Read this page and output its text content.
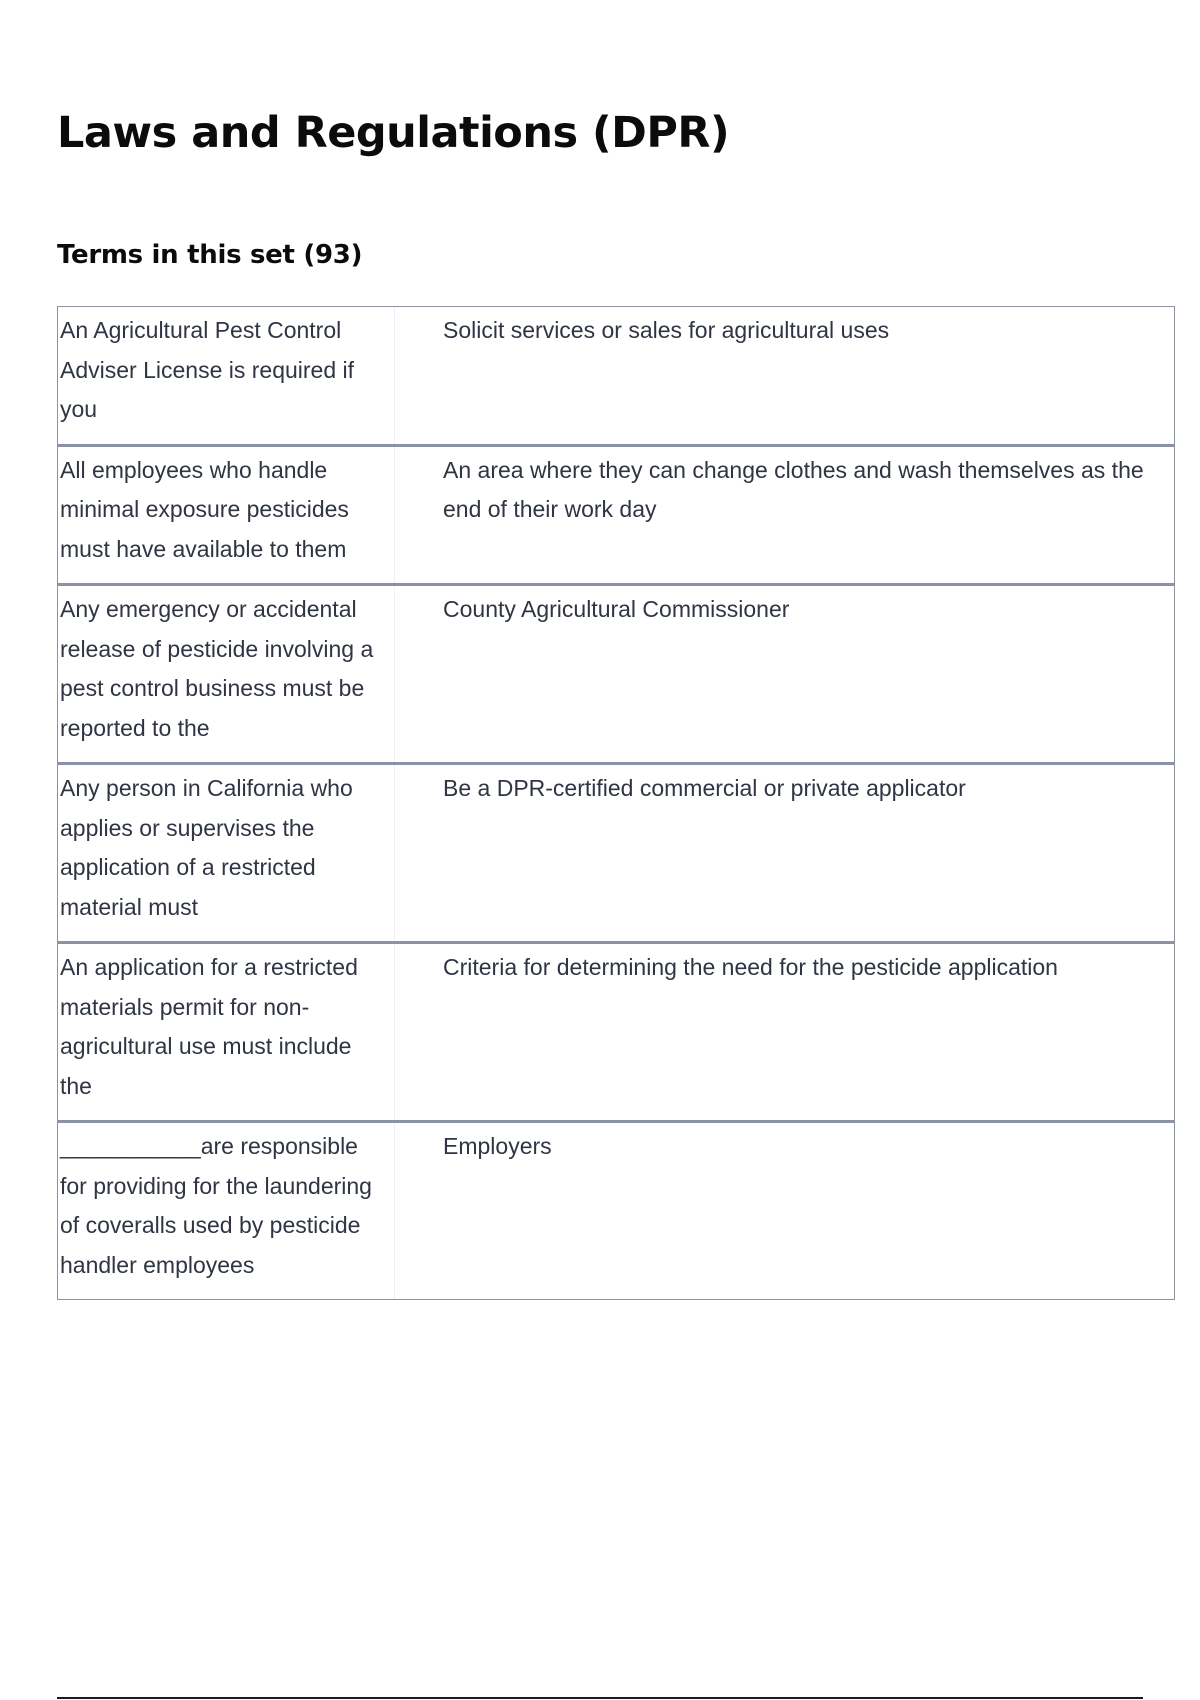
Laws and Regulations (DPR)
Terms in this set (93)
An Agricultural Pest Control Adviser License is required if you
Solicit services or sales for agricultural uses
All employees who handle minimal exposure pesticides must have available to them
An area where they can change clothes and wash themselves as the end of their work day
Any emergency or accidental release of pesticide involving a pest control business must be reported to the
County Agricultural Commissioner
Any person in California who applies or supervises the application of a restricted material must
Be a DPR-certified commercial or private applicator
An application for a restricted materials permit for non-agricultural use must include the
Criteria for determining the need for the pesticide application
___________are responsible for providing for the laundering of coveralls used by pesticide handler employees
Employers
